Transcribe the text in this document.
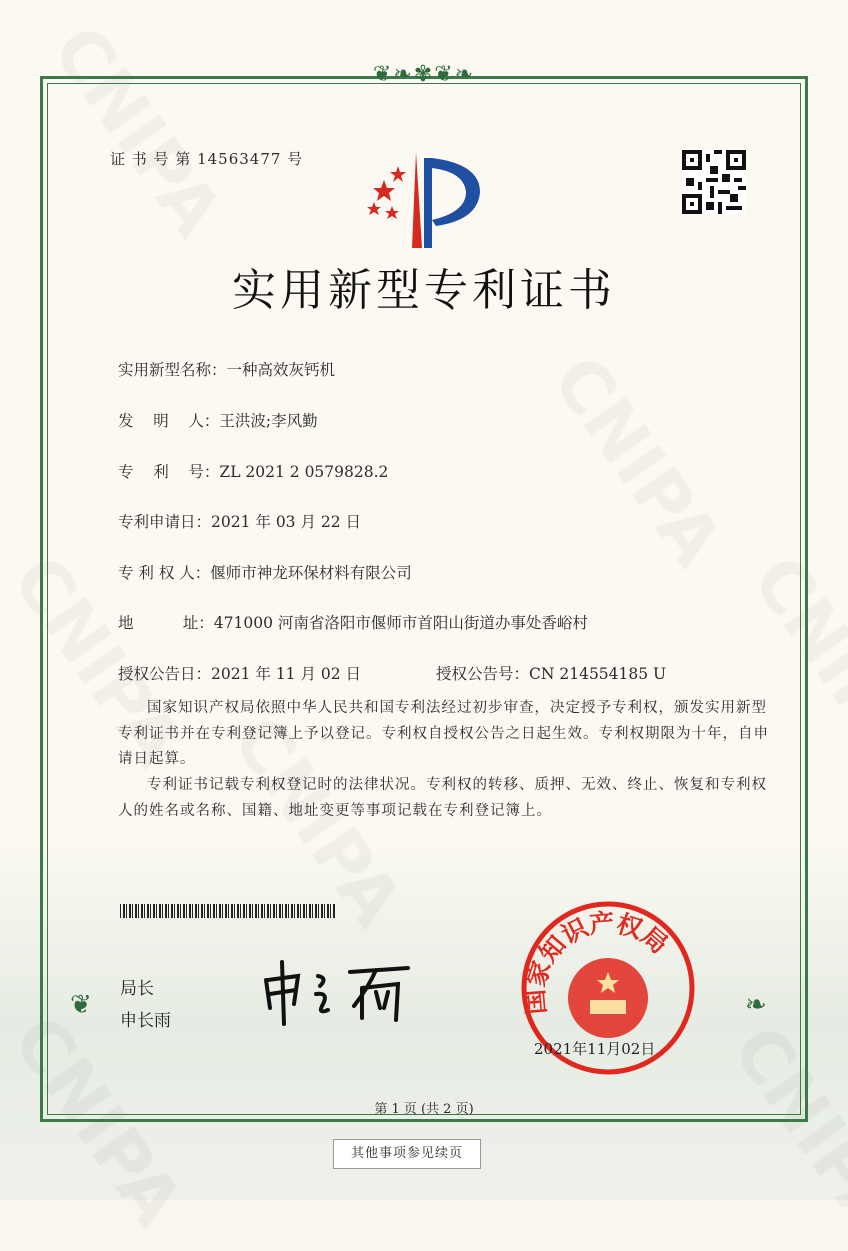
❦❧✾❦❧
❦	❧
证 书 号 第 14563477 号
实用新型专利证书
实用新型名称：一种高效灰钙机
发    明    人：王洪波;李风勤
专    利    号：ZL 2021 2 0579828.2
专利申请日：2021 年 03 月 22 日
专 利 权 人：偃师市神龙环保材料有限公司
地          址：471000 河南省洛阳市偃师市首阳山街道办事处香峪村
授权公告日：2021 年 11 月 02 日	授权公告号：CN 214554185 U
国家知识产权局依照中华人民共和国专利法经过初步审查，决定授予专利权，颁发实用新型专利证书并在专利登记簿上予以登记。专利权自授权公告之日起生效。专利权期限为十年，自申请日起算。
专利证书记载专利权登记时的法律状况。专利权的转移、质押、无效、终止、恢复和专利权人的姓名或名称、国籍、地址变更等事项记载在专利登记簿上。
局长
申长雨
国家知识产权局
2021年11月02日
第 1 页 (共 2 页)
其他事项参见续页
